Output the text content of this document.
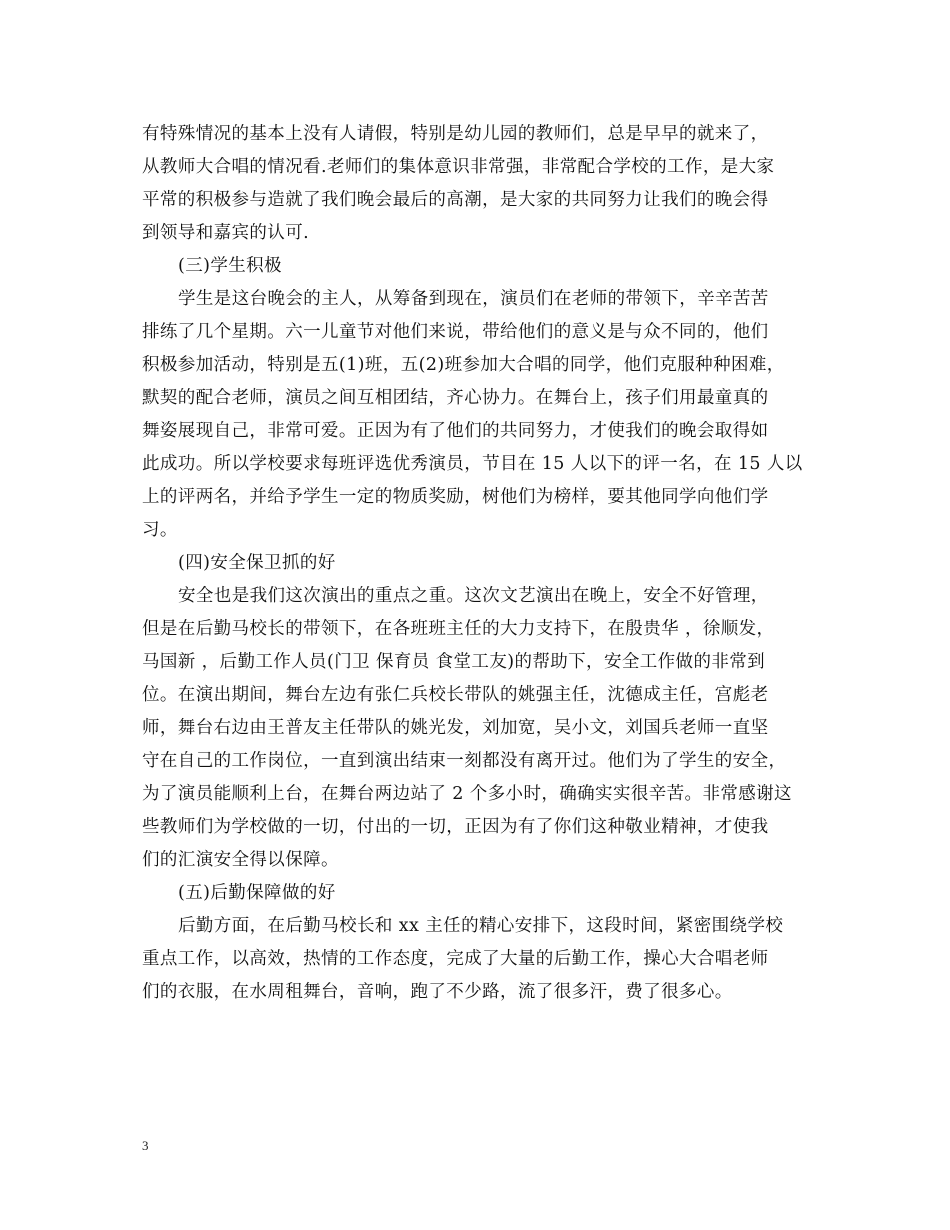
有特殊情况的基本上没有人请假，特别是幼儿园的教师们，总是早早的就来了，
从教师大合唱的情况看.老师们的集体意识非常强，非常配合学校的工作，是大家
平常的积极参与造就了我们晚会最后的高潮，是大家的共同努力让我们的晚会得
到领导和嘉宾的认可.
(三)学生积极
学生是这台晚会的主人，从筹备到现在，演员们在老师的带领下，辛辛苦苦
排练了几个星期。六一儿童节对他们来说，带给他们的意义是与众不同的，他们
积极参加活动，特别是五(1)班，五(2)班参加大合唱的同学，他们克服种种困难，
默契的配合老师，演员之间互相团结，齐心协力。在舞台上，孩子们用最童真的
舞姿展现自己，非常可爱。正因为有了他们的共同努力，才使我们的晚会取得如
此成功。所以学校要求每班评选优秀演员，节目在 15 人以下的评一名，在 15 人以
上的评两名，并给予学生一定的物质奖励，树他们为榜样，要其他同学向他们学
习。
(四)安全保卫抓的好
安全也是我们这次演出的重点之重。这次文艺演出在晚上，安全不好管理，
但是在后勤马校长的带领下，在各班班主任的大力支持下，在殷贵华 ，徐顺发，
马国新 ，后勤工作人员(门卫 保育员 食堂工友)的帮助下，安全工作做的非常到
位。在演出期间，舞台左边有张仁兵校长带队的姚强主任，沈德成主任，宫彪老
师，舞台右边由王普友主任带队的姚光发，刘加宽，吴小文，刘国兵老师一直坚
守在自己的工作岗位，一直到演出结束一刻都没有离开过。他们为了学生的安全，
为了演员能顺利上台，在舞台两边站了 2 个多小时，确确实实很辛苦。非常感谢这
些教师们为学校做的一切，付出的一切，正因为有了你们这种敬业精神，才使我
们的汇演安全得以保障。
(五)后勤保障做的好
后勤方面，在后勤马校长和 xx 主任的精心安排下，这段时间，紧密围绕学校
重点工作，以高效，热情的工作态度，完成了大量的后勤工作，操心大合唱老师
们的衣服，在水周租舞台，音响，跑了不少路，流了很多汗，费了很多心。
3
